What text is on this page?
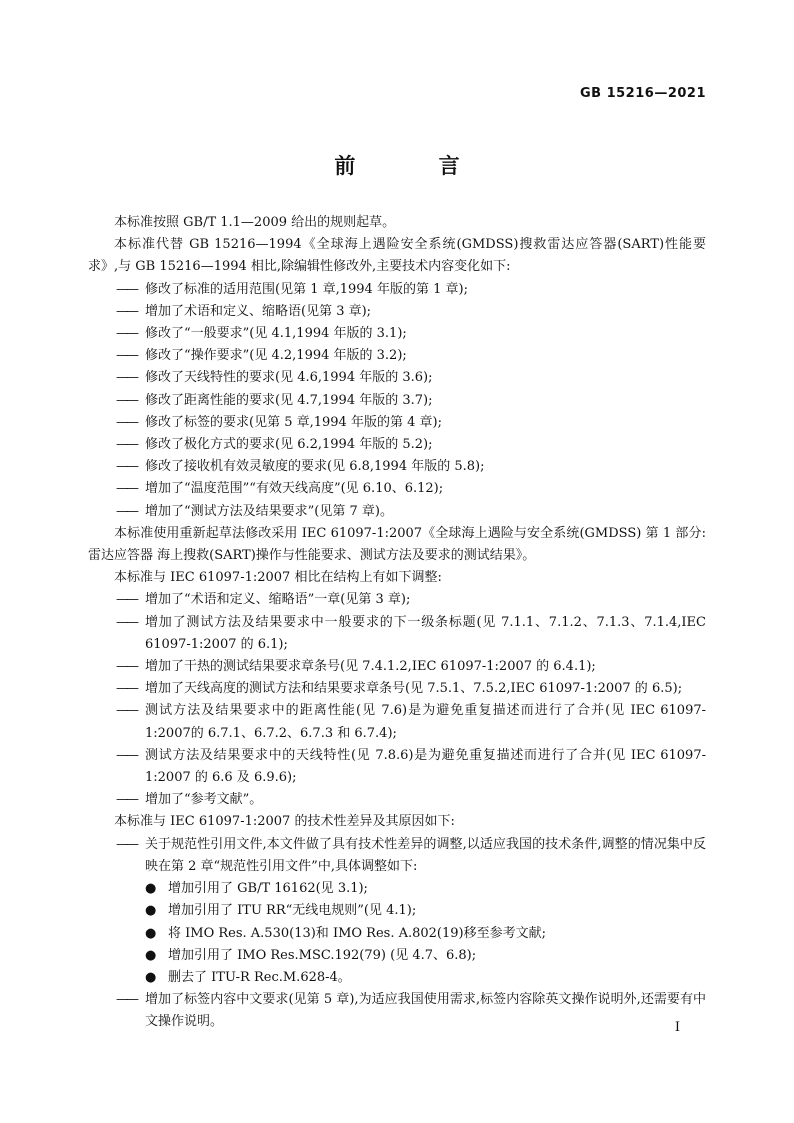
GB 15216—2021
前 言

本标准按照 GB/T 1.1—2009 给出的规则起草。

本标准代替 GB 15216—1994《全球海上遇险安全系统(GMDSS)搜救雷达应答器(SART)性能要求》,与 GB 15216—1994 相比,除编辑性修改外,主要技术内容变化如下:

—— 修改了标准的适用范围(见第 1 章,1994 年版的第 1 章);

—— 增加了术语和定义、缩略语(见第 3 章);

—— 修改了“一般要求”(见 4.1,1994 年版的 3.1);

—— 修改了“操作要求”(见 4.2,1994 年版的 3.2);

—— 修改了天线特性的要求(见 4.6,1994 年版的 3.6);

—— 修改了距离性能的要求(见 4.7,1994 年版的 3.7);

—— 修改了标签的要求(见第 5 章,1994 年版的第 4 章);

—— 修改了极化方式的要求(见 6.2,1994 年版的 5.2);

—— 修改了接收机有效灵敏度的要求(见 6.8,1994 年版的 5.8);

—— 增加了“温度范围”“有效天线高度”(见 6.10、6.12);

—— 增加了“测试方法及结果要求”(见第 7 章)。

本标准使用重新起草法修改采用 IEC 61097-1:2007《全球海上遇险与安全系统(GMDSS) 第 1 部分:雷达应答器 海上搜救(SART)操作与性能要求、测试方法及要求的测试结果》。

本标准与 IEC 61097-1:2007 相比在结构上有如下调整:

—— 增加了“术语和定义、缩略语”一章(见第 3 章);

—— 增加了测试方法及结果要求中一般要求的下一级条标题(见 7.1.1、7.1.2、7.1.3、7.1.4,IEC 61097-1:2007 的 6.1);

—— 增加了干热的测试结果要求章条号(见 7.4.1.2,IEC 61097-1:2007 的 6.4.1);

—— 增加了天线高度的测试方法和结果要求章条号(见 7.5.1、7.5.2,IEC 61097-1:2007 的 6.5);

—— 测试方法及结果要求中的距离性能(见 7.6)是为避免重复描述而进行了合并(见 IEC 61097-1:2007的 6.7.1、6.7.2、6.7.3 和 6.7.4);

—— 测试方法及结果要求中的天线特性(见 7.8.6)是为避免重复描述而进行了合并(见 IEC 61097-1:2007 的 6.6 及 6.9.6);

—— 增加了“参考文献”。

本标准与 IEC 61097-1:2007 的技术性差异及其原因如下:

—— 关于规范性引用文件,本文件做了具有技术性差异的调整,以适应我国的技术条件,调整的情况集中反映在第 2 章“规范性引用文件”中,具体调整如下:

● 增加引用了 GB/T 16162(见 3.1);

● 增加引用了 ITU RR“无线电规则”(见 4.1);

● 将 IMO Res. A.530(13)和 IMO Res. A.802(19)移至参考文献;

● 增加引用了 IMO Res.MSC.192(79) (见 4.7、6.8);

● 删去了 ITU-R Rec.M.628-4。

—— 增加了标签内容中文要求(见第 5 章),为适应我国使用需求,标签内容除英文操作说明外,还需要有中文操作说明。	I
